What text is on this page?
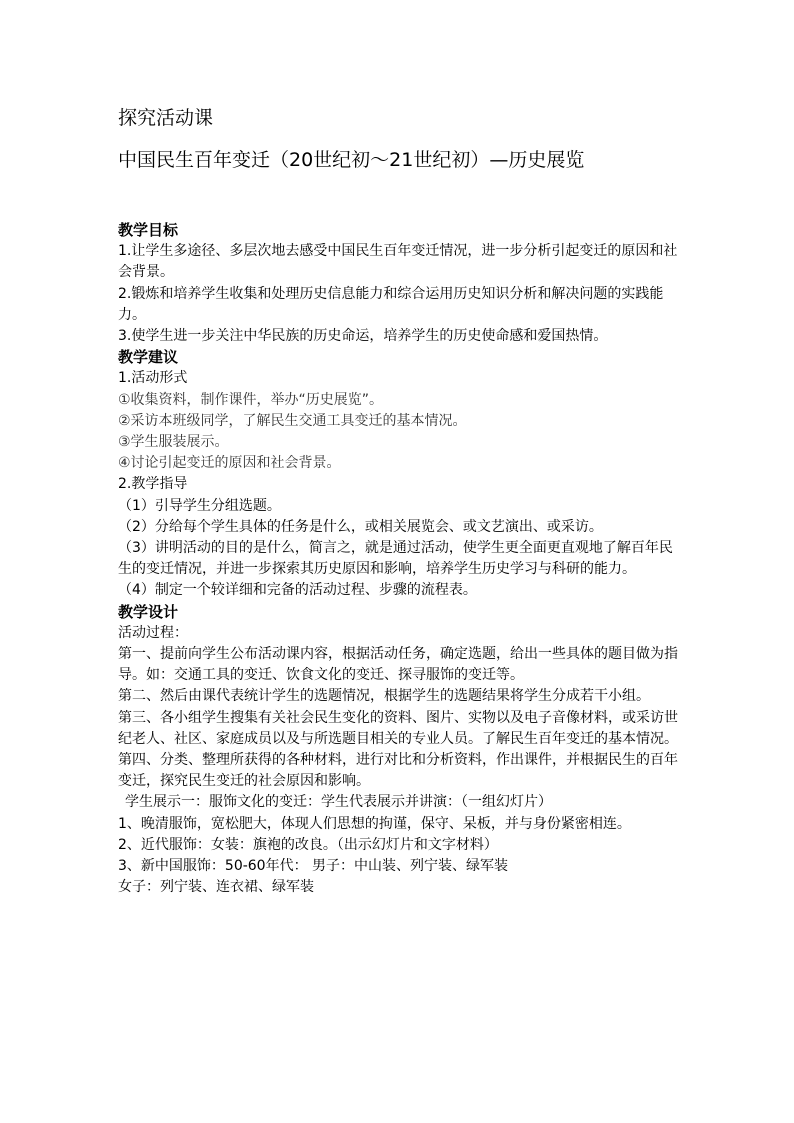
探究活动课
中国民生百年变迁（20世纪初～21世纪初）—历史展览

教学目标

1.让学生多途径、多层次地去感受中国民生百年变迁情况，进一步分析引起变迁的原因和社会背景。

2.锻炼和培养学生收集和处理历史信息能力和综合运用历史知识分析和解决问题的实践能力。

3.使学生进一步关注中华民族的历史命运，培养学生的历史使命感和爱国热情。

教学建议

1.活动形式

①收集资料，制作课件，举办“历史展览”。

②采访本班级同学，了解民生交通工具变迁的基本情况。

③学生服装展示。

④讨论引起变迁的原因和社会背景。

2.教学指导

（1）引导学生分组选题。

（2）分给每个学生具体的任务是什么，或相关展览会、或文艺演出、或采访。

（3）讲明活动的目的是什么，简言之，就是通过活动，使学生更全面更直观地了解百年民生的变迁情况，并进一步探索其历史原因和影响，培养学生历史学习与科研的能力。

（4）制定一个较详细和完备的活动过程、步骤的流程表。

教学设计

活动过程：

第一、提前向学生公布活动课内容，根据活动任务，确定选题，给出一些具体的题目做为指导。如：交通工具的变迁、饮食文化的变迁、探寻服饰的变迁等。

第二、然后由课代表统计学生的选题情况，根据学生的选题结果将学生分成若干小组。

第三、各小组学生搜集有关社会民生变化的资料、图片、实物以及电子音像材料，或采访世纪老人、社区、家庭成员以及与所选题目相关的专业人员。了解民生百年变迁的基本情况。

第四、分类、整理所获得的各种材料，进行对比和分析资料，作出课件，并根据民生的百年变迁，探究民生变迁的社会原因和影响。

学生展示一：服饰文化的变迁：学生代表展示并讲演：（一组幻灯片）

1、晚清服饰，宽松肥大，体现人们思想的拘谨，保守、呆板，并与身份紧密相连。

2、近代服饰：女装：旗袍的改良。（出示幻灯片和文字材料）

3、新中国服饰：50-60年代： 男子：中山装、列宁装、绿军装

女子：列宁装、连衣裙、绿军装
